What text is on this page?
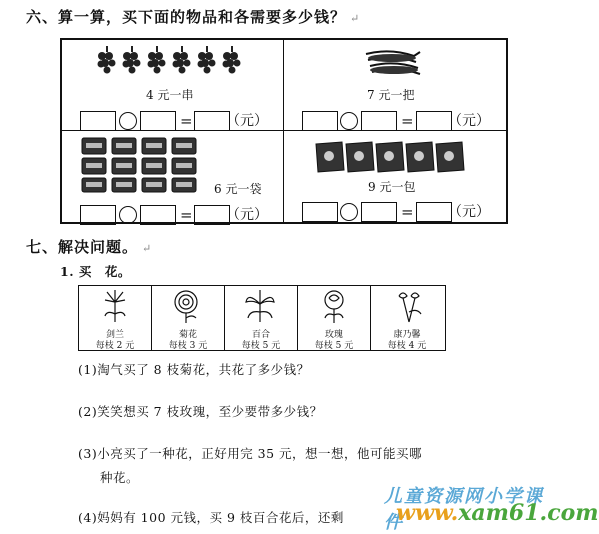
六、算一算，买下面的物品和各需要多少钱？ ↵
4 元一串
= （元）
7 元一把
= （元）
6 元一袋
= （元）
9 元一包
= （元）
七、解决问题。 ↵
1. 买　花。
剑兰
每枝 2 元
菊花
每枝 3 元
百合
每枝 5 元
玫瑰
每枝 5 元
康乃馨
每枝 4 元
(1)淘气买了 8 枝菊花，共花了多少钱？
(2)笑笑想买 7 枝玫瑰，至少要带多少钱？
(3)小亮买了一种花，正好用完 35 元，想一想，他可能买哪
种花。
(4)妈妈有 100 元钱，买 9 枝百合花后，还剩
儿童资源网小学课件
www.xam61.com
